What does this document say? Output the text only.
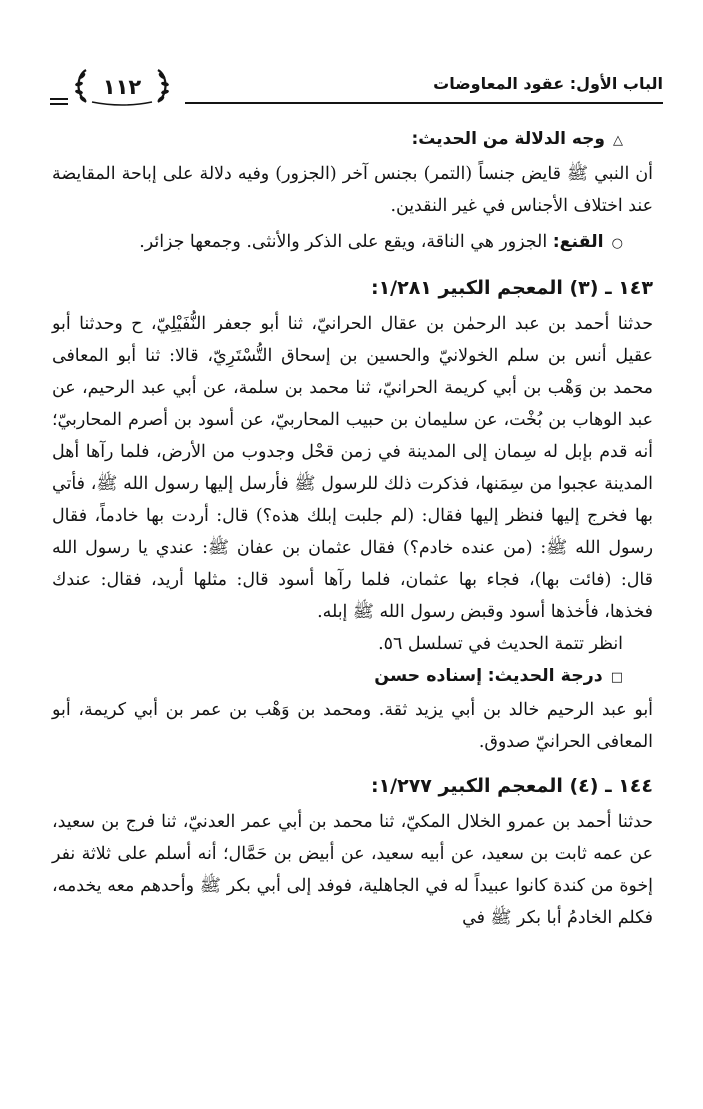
الباب الأول: عقود المعاوضات
١١٢

△وجه الدلالة من الحديث:

أن النبي ﷺ قايض جنساً (التمر) بجنس آخر (الجزور) وفيه دلالة على إباحة المقايضة عند اختلاف الأجناس في غير النقدين.

○القنع: الجزور هي الناقة، ويقع على الذكر والأنثى. وجمعها جزائر.

١٤٣ ـ (٣) المعجم الكبير ١/٢٨١:

حدثنا أحمد بن عبد الرحمٰن بن عقال الحرانيّ، ثنا أبو جعفر النُّفَيْلِيّ، ح وحدثنا أبو عقيل أنس بن سلم الخولانيّ والحسين بن إسحاق التُّسْتَرِيّ، قالا: ثنا أبو المعافى محمد بن وَهْب بن أبي كريمة الحرانيّ، ثنا محمد بن سلمة، عن أبي عبد الرحيم، عن عبد الوهاب بن بُخْت، عن سليمان بن حبيب المحاربيّ، عن أسود بن أصرم المحاربيّ؛ أنه قدم بإبل له سِمان إلى المدينة في زمن قحْل وجدوب من الأرض، فلما رآها أهل المدينة عجبوا من سِمَنها، فذكرت ذلك للرسول ﷺ فأرسل إليها رسول الله ﷺ، فأتي بها فخرج إليها فنظر إليها فقال: (لم جلبت إبلك هذه؟) قال: أردت بها خادماً، فقال رسول الله ﷺ: (من عنده خادم؟) فقال عثمان بن عفان ﷺ: عندي يا رسول الله قال: (فائت بها)، فجاء بها عثمان، فلما رآها أسود قال: مثلها أريد، فقال: عندك فخذها، فأخذها أسود وقبض رسول الله ﷺ إبله.

انظر تتمة الحديث في تسلسل ٥٦.

□درجة الحديث: إسناده حسن

أبو عبد الرحيم خالد بن أبي يزيد ثقة. ومحمد بن وَهْب بن عمر بن أبي كريمة، أبو المعافى الحرانيّ صدوق.

١٤٤ ـ (٤) المعجم الكبير ١/٢٧٧:

حدثنا أحمد بن عمرو الخلال المكيّ، ثنا محمد بن أبي عمر العدنيّ، ثنا فرج بن سعيد، عن عمه ثابت بن سعيد، عن أبيه سعيد، عن أبيض بن حَمَّال؛ أنه أسلم على ثلاثة نفر إخوة من كندة كانوا عبيداً له في الجاهلية، فوفد إلى أبي بكر ﷺ وأحدهم معه يخدمه، فكلم الخادمُ أبا بكر ﷺ في
